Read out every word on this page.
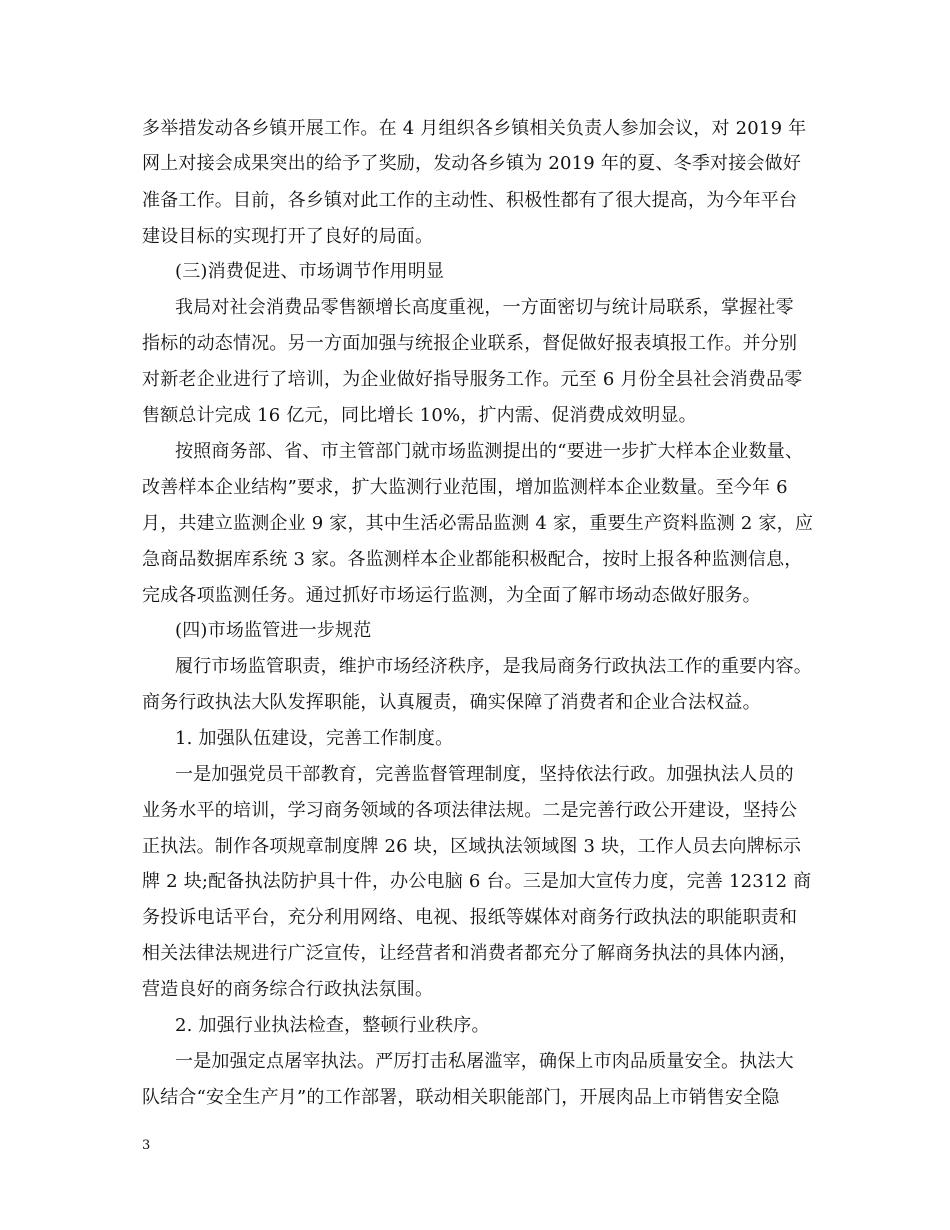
多举措发动各乡镇开展工作。在 4 月组织各乡镇相关负责人参加会议，对 2019 年
网上对接会成果突出的给予了奖励，发动各乡镇为 2019 年的夏、冬季对接会做好
准备工作。目前，各乡镇对此工作的主动性、积极性都有了很大提高，为今年平台
建设目标的实现打开了良好的局面。
(三)消费促进、市场调节作用明显
我局对社会消费品零售额增长高度重视，一方面密切与统计局联系，掌握社零
指标的动态情况。另一方面加强与统报企业联系，督促做好报表填报工作。并分别
对新老企业进行了培训，为企业做好指导服务工作。元至 6 月份全县社会消费品零
售额总计完成 16 亿元，同比增长 10%，扩内需、促消费成效明显。
按照商务部、省、市主管部门就市场监测提出的“要进一步扩大样本企业数量、
改善样本企业结构”要求，扩大监测行业范围，增加监测样本企业数量。至今年 6
月，共建立监测企业 9 家，其中生活必需品监测 4 家，重要生产资料监测 2 家，应
急商品数据库系统 3 家。各监测样本企业都能积极配合，按时上报各种监测信息，
完成各项监测任务。通过抓好市场运行监测，为全面了解市场动态做好服务。
(四)市场监管进一步规范
履行市场监管职责，维护市场经济秩序，是我局商务行政执法工作的重要内容。
商务行政执法大队发挥职能，认真履责，确实保障了消费者和企业合法权益。
1. 加强队伍建设，完善工作制度。
一是加强党员干部教育，完善监督管理制度，坚持依法行政。加强执法人员的
业务水平的培训，学习商务领域的各项法律法规。二是完善行政公开建设，坚持公
正执法。制作各项规章制度牌 26 块，区域执法领域图 3 块，工作人员去向牌标示
牌 2 块;配备执法防护具十件，办公电脑 6 台。三是加大宣传力度，完善 12312 商
务投诉电话平台，充分利用网络、电视、报纸等媒体对商务行政执法的职能职责和
相关法律法规进行广泛宣传，让经营者和消费者都充分了解商务执法的具体内涵，
营造良好的商务综合行政执法氛围。
2. 加强行业执法检查，整顿行业秩序。
一是加强定点屠宰执法。严厉打击私屠滥宰，确保上市肉品质量安全。执法大
队结合“安全生产月”的工作部署，联动相关职能部门，开展肉品上市销售安全隐
3
